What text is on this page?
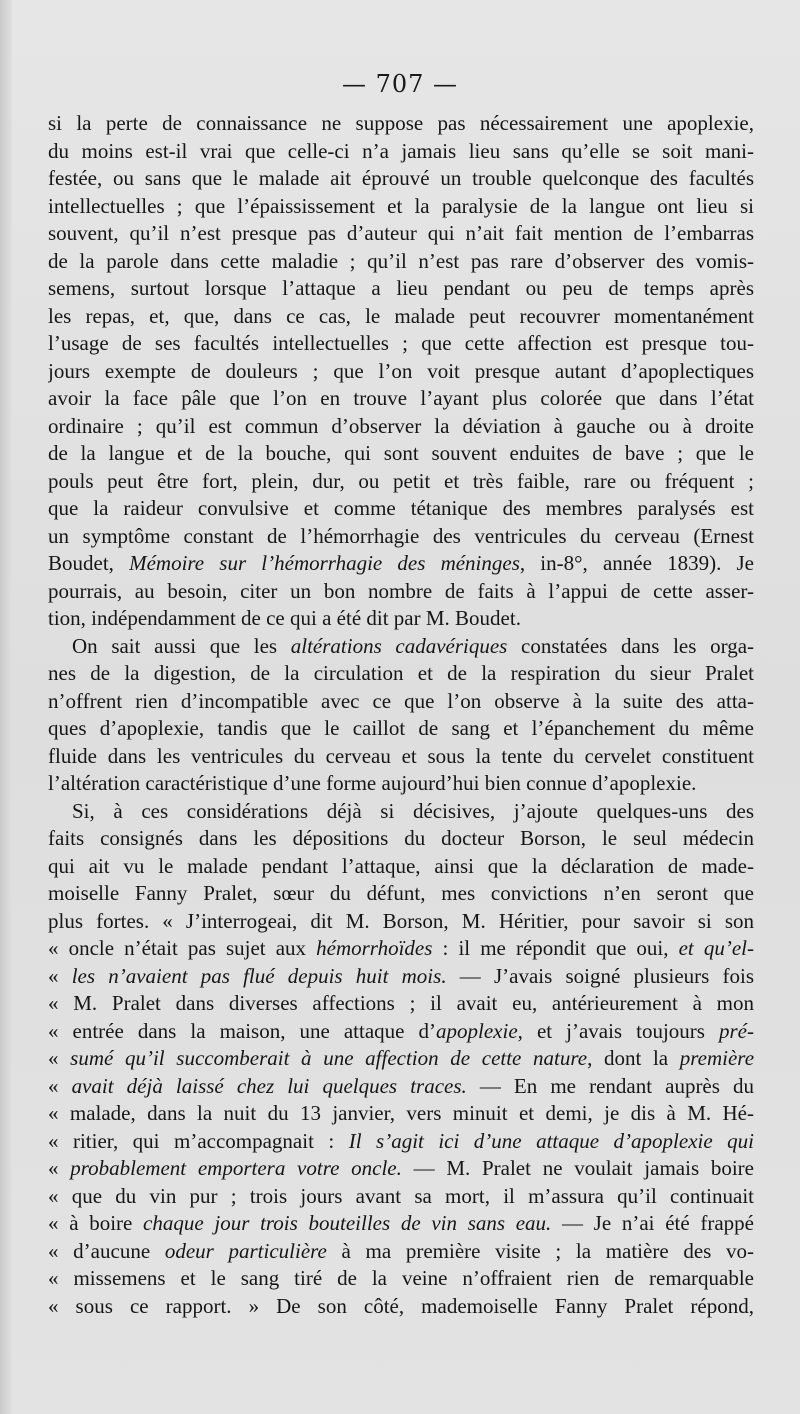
— 707 —
si la perte de connaissance ne suppose pas nécessairement une apoplexie,
du moins est-il vrai que celle-ci n’a jamais lieu sans qu’elle se soit mani-
festée, ou sans que le malade ait éprouvé un trouble quelconque des facultés
intellectuelles ; que l’épaississement et la paralysie de la langue ont lieu si
souvent, qu’il n’est presque pas d’auteur qui n’ait fait mention de l’embarras
de la parole dans cette maladie ; qu’il n’est pas rare d’observer des vomis-
semens, surtout lorsque l’attaque a lieu pendant ou peu de temps après
les repas, et, que, dans ce cas, le malade peut recouvrer momentanément
l’usage de ses facultés intellectuelles ; que cette affection est presque tou-
jours exempte de douleurs ; que l’on voit presque autant d’apoplectiques
avoir la face pâle que l’on en trouve l’ayant plus colorée que dans l’état
ordinaire ; qu’il est commun d’observer la déviation à gauche ou à droite
de la langue et de la bouche, qui sont souvent enduites de bave ; que le
pouls peut être fort, plein, dur, ou petit et très faible, rare ou fréquent ;
que la raideur convulsive et comme tétanique des membres paralysés est
un symptôme constant de l’hémorrhagie des ventricules du cerveau (Ernest
Boudet, Mémoire sur l’hémorrhagie des méninges, in-8°, année 1839). Je
pourrais, au besoin, citer un bon nombre de faits à l’appui de cette asser-
tion, indépendamment de ce qui a été dit par M. Boudet.
On sait aussi que les altérations cadavériques constatées dans les orga-
nes de la digestion, de la circulation et de la respiration du sieur Pralet
n’offrent rien d’incompatible avec ce que l’on observe à la suite des atta-
ques d’apoplexie, tandis que le caillot de sang et l’épanchement du même
fluide dans les ventricules du cerveau et sous la tente du cervelet constituent
l’altération caractéristique d’une forme aujourd’hui bien connue d’apoplexie.
Si, à ces considérations déjà si décisives, j’ajoute quelques-uns des
faits consignés dans les dépositions du docteur Borson, le seul médecin
qui ait vu le malade pendant l’attaque, ainsi que la déclaration de made-
moiselle Fanny Pralet, sœur du défunt, mes convictions n’en seront que
plus fortes. « J’interrogeai, dit M. Borson, M. Héritier, pour savoir si son
« oncle n’était pas sujet aux hémorrhoïdes : il me répondit que oui, et qu’el-
« les n’avaient pas flué depuis huit mois. — J’avais soigné plusieurs fois
« M. Pralet dans diverses affections ; il avait eu, antérieurement à mon
« entrée dans la maison, une attaque d’apoplexie, et j’avais toujours pré-
« sumé qu’il succomberait à une affection de cette nature, dont la première
« avait déjà laissé chez lui quelques traces. — En me rendant auprès du
« malade, dans la nuit du 13 janvier, vers minuit et demi, je dis à M. Hé-
« ritier, qui m’accompagnait : Il s’agit ici d’une attaque d’apoplexie qui
« probablement emportera votre oncle. — M. Pralet ne voulait jamais boire
« que du vin pur ; trois jours avant sa mort, il m’assura qu’il continuait
« à boire chaque jour trois bouteilles de vin sans eau. — Je n’ai été frappé
« d’aucune odeur particulière à ma première visite ; la matière des vo-
« missemens et le sang tiré de la veine n’offraient rien de remarquable
« sous ce rapport. » De son côté, mademoiselle Fanny Pralet répond,
